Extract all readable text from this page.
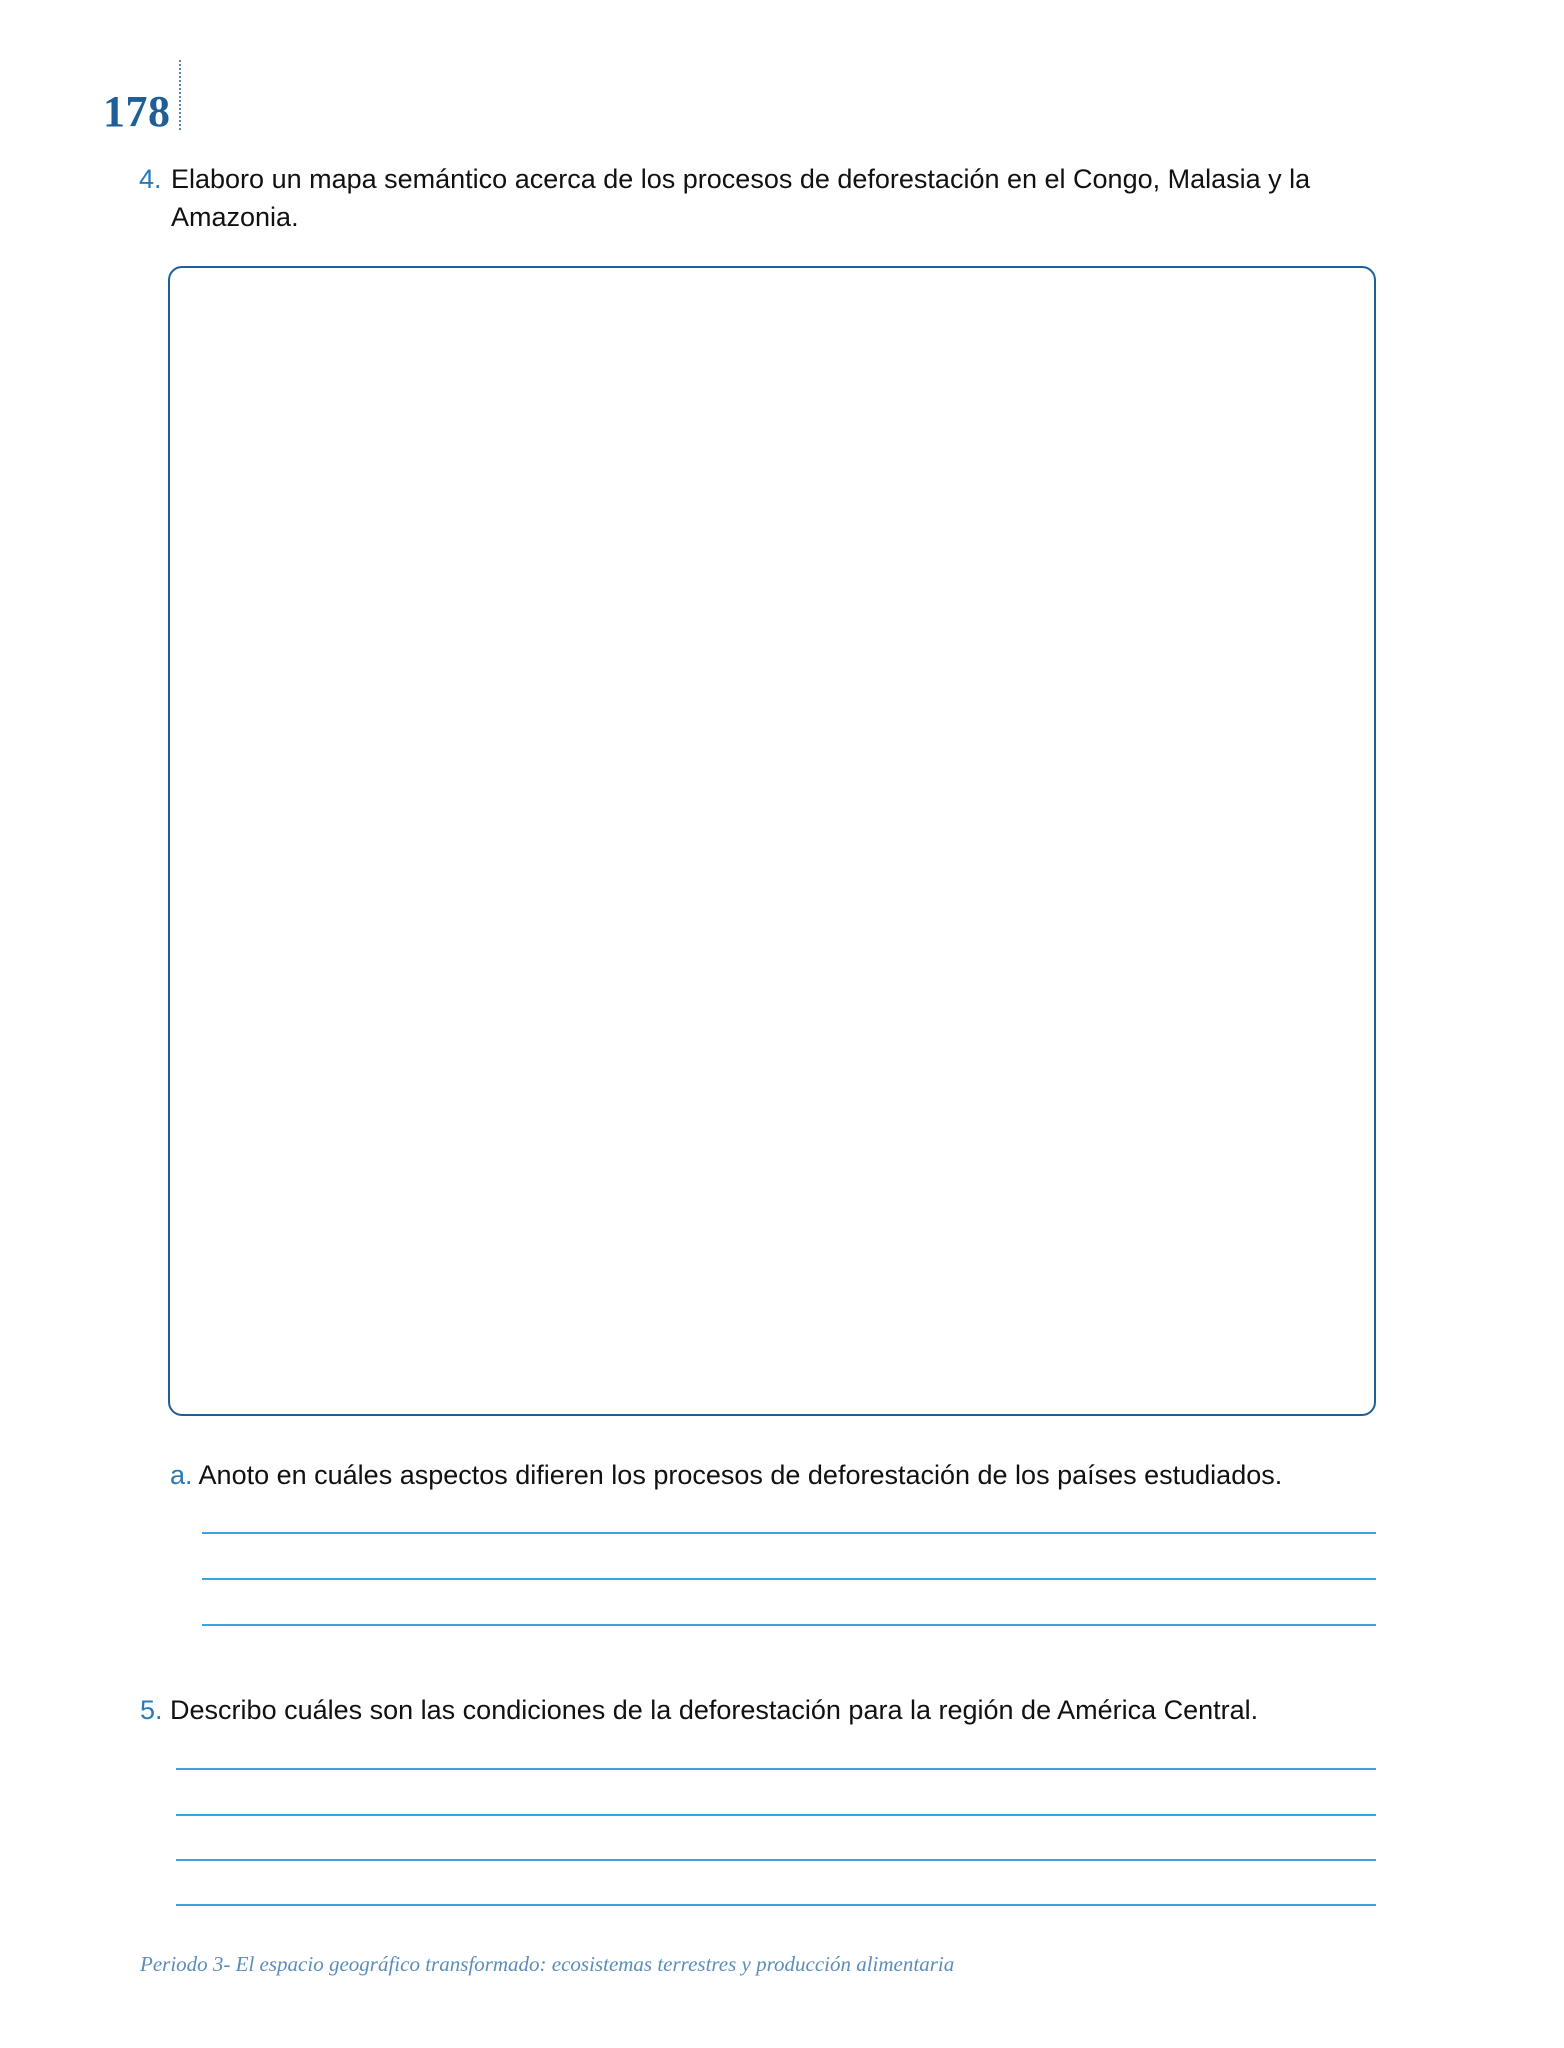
178
4. Elaboro un mapa semántico acerca de los procesos de deforestación en el Congo, Malasia y la
Amazonia.
a. Anoto en cuáles aspectos difieren los procesos de deforestación de los países estudiados.
5. Describo cuáles son las condiciones de la deforestación para la región de América Central.
Periodo 3- El espacio geográfico transformado: ecosistemas terrestres y producción alimentaria
